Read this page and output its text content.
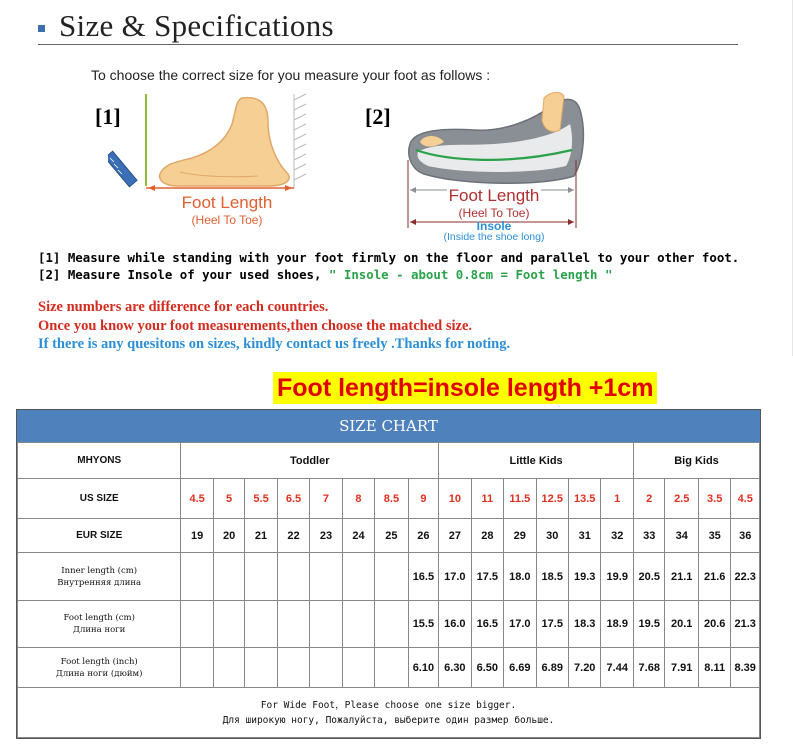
Size & Specifications
To choose the correct size for you measure your foot as follows :
[1]
Foot Length
(Heel To Toe)
[2]
Foot Length
(Heel To Toe)
Insole
(Inside the shoe long)
[1] Measure while standing with your foot firmly on the floor and parallel to your other foot.
[2] Measure Insole of your used shoes, " Insole - about 0.8cm = Foot length "
Size numbers are difference for each countries.
Once you know your foot measurements,then choose the matched size.
If there is any quesitons on sizes, kindly contact us freely .Thanks for noting.
Foot length=insole length +1cm
SIZE CHART
MHYONS	Toddler								Little Kids						Big Kids			
US SIZE	4.5	5	5.5	6.5	7	8	8.5	9	10	11	11.5	12.5	13.5	1	2	2.5	3.5	4.5
EUR SIZE	19	20	21	22	23	24	25	26	27	28	29	30	31	32	33	34	35	36

Inner length (cm)
Внутренняя длина								16.5	17.0	17.5	18.0	18.5	19.3	19.9	20.5	21.1	21.6	22.3

Foot length (cm)
Длина ноги								15.5	16.0	16.5	17.0	17.5	18.3	18.9	19.5	20.1	20.6	21.3

Foot length (inch)
Длина ноги (дюйм)								6.10	6.30	6.50	6.69	6.89	7.20	7.44	7.68	7.91	8.11	8.39

For Wide Foot，Please choose one size bigger.
Для широкую ногу, Пожалуйста, выберите один размер больше.																		
